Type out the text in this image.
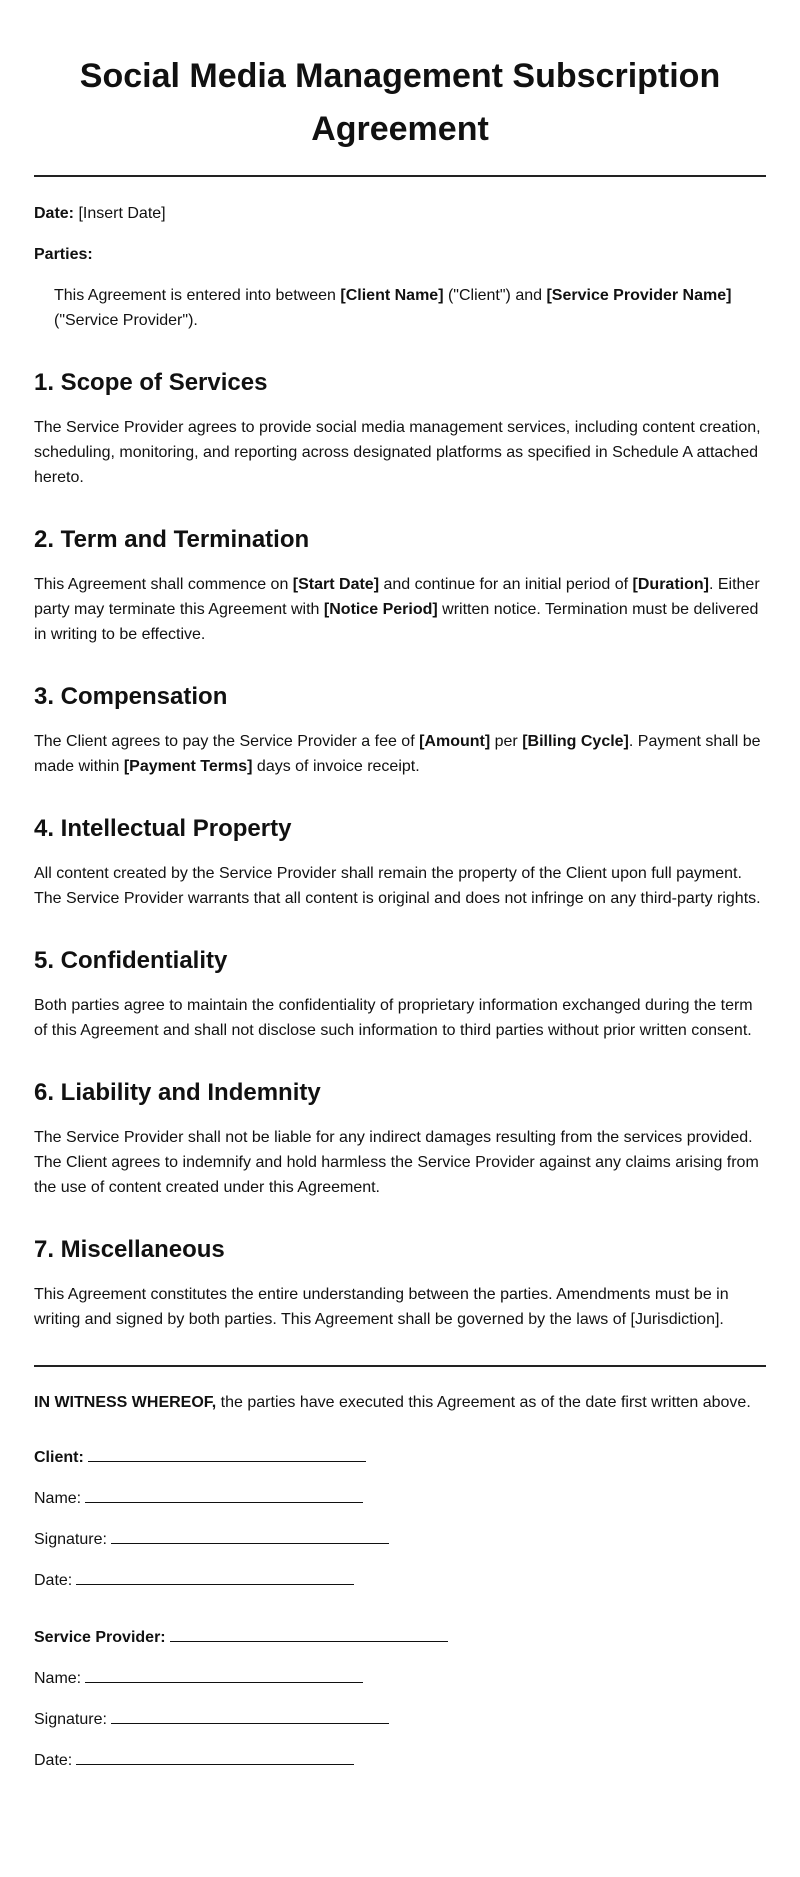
Social Media Management Subscription Agreement

Date: [Insert Date]

Parties:

This Agreement is entered into between [Client Name] ("Client") and [Service Provider Name] ("Service Provider").

1. Scope of Services

The Service Provider agrees to provide social media management services, including content creation, scheduling, monitoring, and reporting across designated platforms as specified in Schedule A attached hereto.

2. Term and Termination

This Agreement shall commence on [Start Date] and continue for an initial period of [Duration]. Either party may terminate this Agreement with [Notice Period] written notice. Termination must be delivered in writing to be effective.

3. Compensation

The Client agrees to pay the Service Provider a fee of [Amount] per [Billing Cycle]. Payment shall be made within [Payment Terms] days of invoice receipt.

4. Intellectual Property

All content created by the Service Provider shall remain the property of the Client upon full payment. The Service Provider warrants that all content is original and does not infringe on any third-party rights.

5. Confidentiality

Both parties agree to maintain the confidentiality of proprietary information exchanged during the term of this Agreement and shall not disclose such information to third parties without prior written consent.

6. Liability and Indemnity

The Service Provider shall not be liable for any indirect damages resulting from the services provided. The Client agrees to indemnify and hold harmless the Service Provider against any claims arising from the use of content created under this Agreement.

7. Miscellaneous

This Agreement constitutes the entire understanding between the parties. Amendments must be in writing and signed by both parties. This Agreement shall be governed by the laws of [Jurisdiction].

IN WITNESS WHEREOF, the parties have executed this Agreement as of the date first written above.

Client:
Name:
Signature:
Date:
Service Provider:
Name:
Signature:
Date:
